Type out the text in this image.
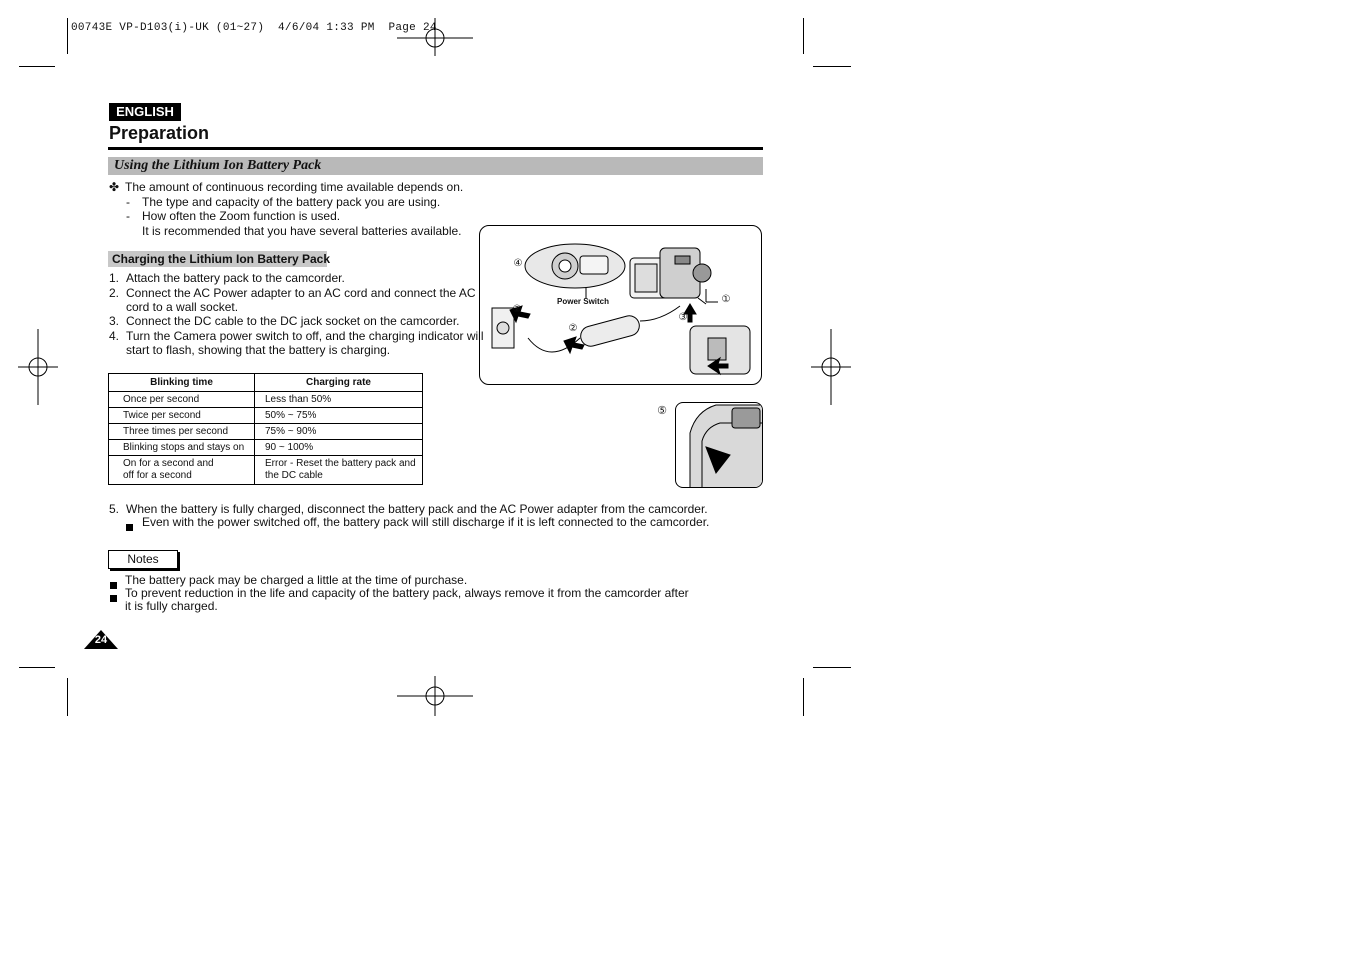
00743E VP-D103(i)-UK (01~27)  4/6/04 1:33 PM  Page 24
ENGLISH
Preparation
Using the Lithium Ion Battery Pack
✤ The amount of continuous recording time available depends on.
- The type and capacity of the battery pack you are using.
- How often the Zoom function is used.
It is recommended that you have several batteries available.
Charging the Lithium Ion Battery Pack
1. Attach the battery pack to the camcorder.
2. Connect the AC Power adapter to an AC cord and connect the AC
cord to a wall socket.
3. Connect the DC cable to the DC jack socket on the camcorder.
4. Turn the Camera power switch to off, and the charging indicator will
start to flash, showing that the battery is charging.
Blinking time	Charging rate
Once per second	Less than 50%
Twice per second	50% ~ 75%
Three times per second	75% ~ 90%
Blinking stops and stays on	90 ~ 100%
On for a second and
off for a second	Error - Reset the battery pack and
the DC cable
Power Switch	①
②
②
③
④
⑤
5. When the battery is fully charged, disconnect the battery pack and the AC Power adapter from the camcorder.
Even with the power switched off, the battery pack will still discharge if it is left connected to the camcorder.
Notes
The battery pack may be charged a little at the time of purchase.
To prevent reduction in the life and capacity of the battery pack, always remove it from the camcorder after
it is fully charged.
24
